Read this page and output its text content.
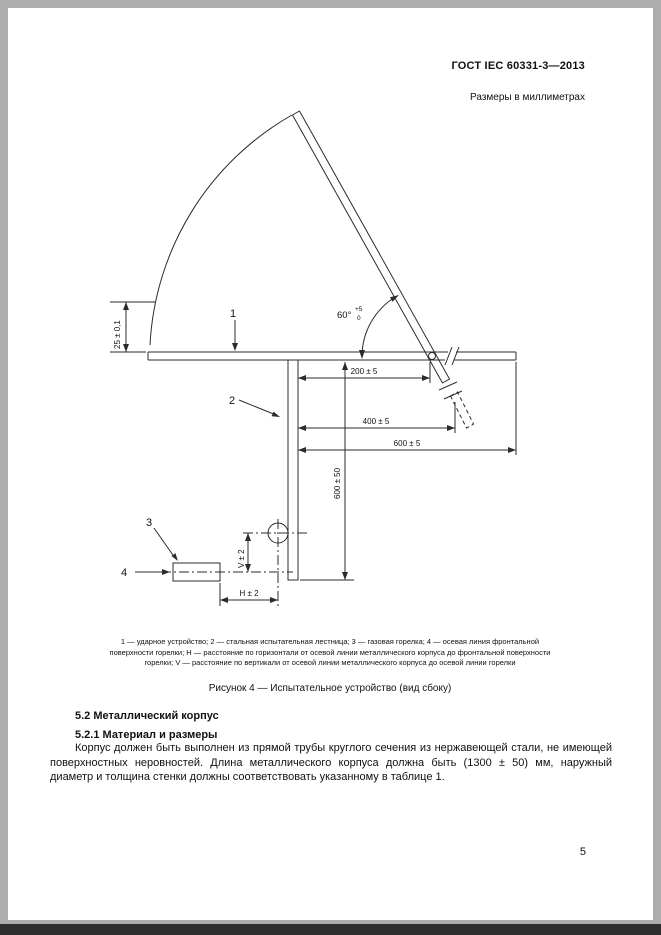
ГОСТ IEC 60331-3—2013
Размеры в миллиметрах
1
2
3
4
60°
+5
0
25 ± 0,1
200 ± 5
400 ± 5
600 ± 5
600 ± 50
V ± 2
H ± 2
1 — ударное устройство; 2 — стальная испытательная лестница; 3 — газовая горелка; 4 — осевая линия фронтальной
поверхности горелки; H — расстояние по горизонтали от осевой линии металлического корпуса до фронтальной поверхности
горелки; V — расстояние по вертикали от осевой линии металлического корпуса до осевой линии горелки
Рисунок 4 — Испытательное устройство (вид сбоку)
5.2 Металлический корпус
5.2.1 Материал и размеры

Корпус должен быть выполнен из прямой трубы круглого сечения из нержавеющей стали, не имеющей поверхностных неровностей. Длина металлического корпуса должна быть (1300 ± 50) мм, наружный диаметр и толщина стенки должны соответствовать указанному в таблице 1.

5
